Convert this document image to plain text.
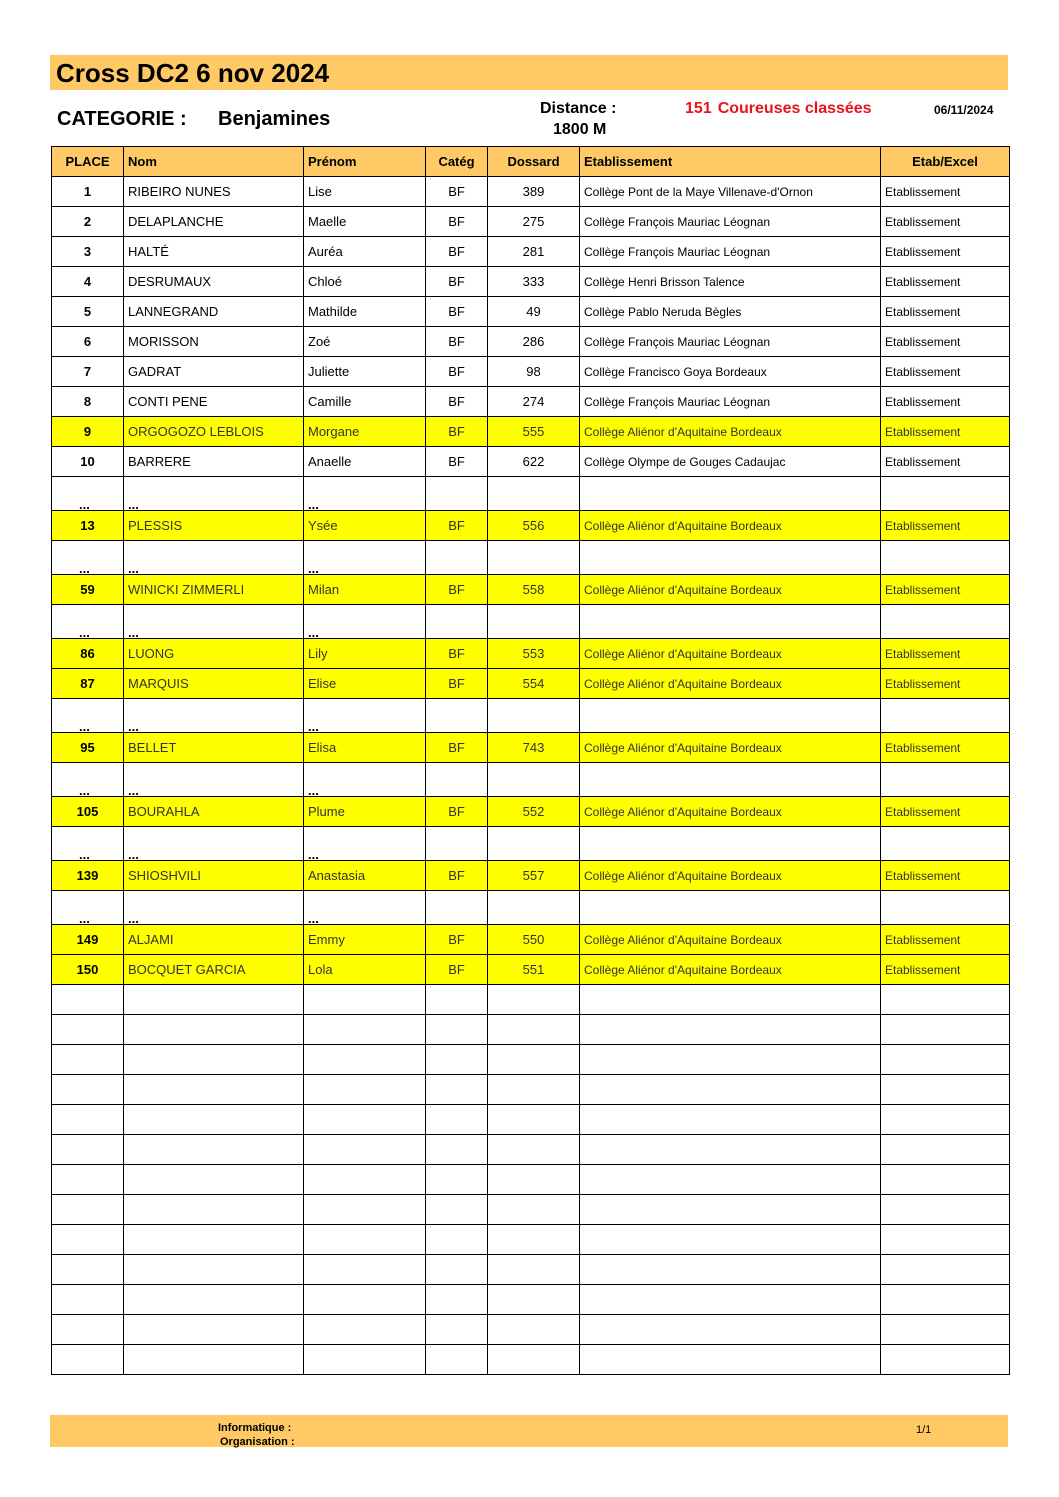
Cross DC2 6 nov 2024
CATEGORIE : Benjamines	Distance :
1800 M
151 Coureuses classées	06/11/2024
PLACE	Nom	Prénom	Catég	Dossard	Etablissement	Etab/Excel
1	RIBEIRO NUNES	Lise	BF	389	Collège Pont de la Maye Villenave-d'Ornon	Etablissement
2	DELAPLANCHE	Maelle	BF	275	Collège François Mauriac Léognan	Etablissement
3	HALTÉ	Auréa	BF	281	Collège François Mauriac Léognan	Etablissement
4	DESRUMAUX	Chloé	BF	333	Collège Henri Brisson Talence	Etablissement
5	LANNEGRAND	Mathilde	BF	49	Collège Pablo Neruda Bègles	Etablissement
6	MORISSON	Zoé	BF	286	Collège François Mauriac Léognan	Etablissement
7	GADRAT	Juliette	BF	98	Collège Francisco Goya Bordeaux	Etablissement
8	CONTI PENE	Camille	BF	274	Collège François Mauriac Léognan	Etablissement
9	ORGOGOZO LEBLOIS	Morgane	BF	555	Collège Aliénor d'Aquitaine Bordeaux	Etablissement
10	BARRERE	Anaelle	BF	622	Collège Olympe de Gouges Cadaujac	Etablissement
...	...	...				
13	PLESSIS	Ysée	BF	556	Collège Aliénor d'Aquitaine Bordeaux	Etablissement
...	...	...				
59	WINICKI ZIMMERLI	Milan	BF	558	Collège Aliénor d'Aquitaine Bordeaux	Etablissement
...	...	...				
86	LUONG	Lily	BF	553	Collège Aliénor d'Aquitaine Bordeaux	Etablissement
87	MARQUIS	Elise	BF	554	Collège Aliénor d'Aquitaine Bordeaux	Etablissement
...	...	...				
95	BELLET	Elisa	BF	743	Collège Aliénor d'Aquitaine Bordeaux	Etablissement
...	...	...				
105	BOURAHLA	Plume	BF	552	Collège Aliénor d'Aquitaine Bordeaux	Etablissement
...	...	...				
139	SHIOSHVILI	Anastasia	BF	557	Collège Aliénor d'Aquitaine Bordeaux	Etablissement
...	...	...				
149	ALJAMI	Emmy	BF	550	Collège Aliénor d'Aquitaine Bordeaux	Etablissement
150	BOCQUET GARCIA	Lola	BF	551	Collège Aliénor d'Aquitaine Bordeaux	Etablissement

Informatique :
Organisation :
1/1
